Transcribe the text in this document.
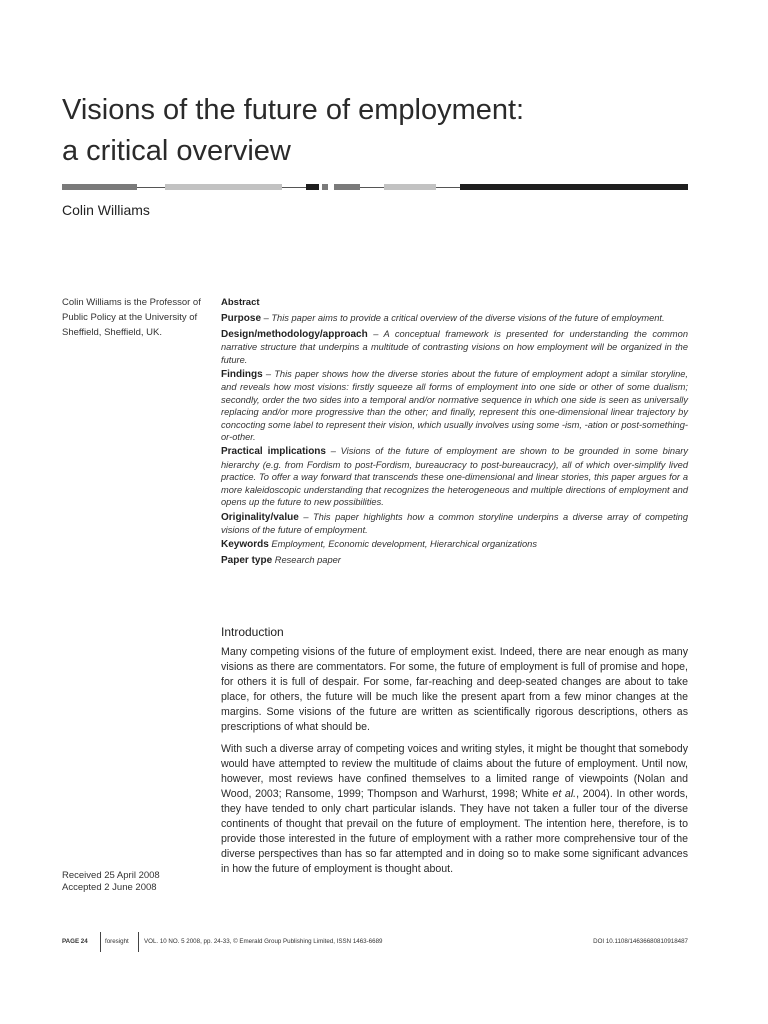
Visions of the future of employment:
a critical overview
Colin Williams
Colin Williams is the Professor of Public Policy at the University of Sheffield, Sheffield, UK.
Received 25 April 2008
Accepted 2 June 2008
Abstract

Purpose – This paper aims to provide a critical overview of the diverse visions of the future of employment.

Design/methodology/approach – A conceptual framework is presented for understanding the common narrative structure that underpins a multitude of contrasting visions on how employment will be organized in the future.

Findings – This paper shows how the diverse stories about the future of employment adopt a similar storyline, and reveals how most visions: firstly squeeze all forms of employment into one side or other of some dualism; secondly, order the two sides into a temporal and/or normative sequence in which one side is seen as universally replacing and/or more progressive than the other; and finally, represent this one-dimensional linear trajectory by concocting some label to represent their vision, which usually involves using some -ism, -ation or post-something-or-other.

Practical implications – Visions of the future of employment are shown to be grounded in some binary hierarchy (e.g. from Fordism to post-Fordism, bureaucracy to post-bureaucracy), all of which over-simplify lived practice. To offer a way forward that transcends these one-dimensional and linear stories, this paper argues for a more kaleidoscopic understanding that recognizes the heterogeneous and multiple directions of employment and opens up the future to new possibilities.

Originality/value – This paper highlights how a common storyline underpins a diverse array of competing visions of the future of employment.

Keywords Employment, Economic development, Hierarchical organizations

Paper type Research paper

Introduction

Many competing visions of the future of employment exist. Indeed, there are near enough as many visions as there are commentators. For some, the future of employment is full of promise and hope, for others it is full of despair. For some, far-reaching and deep-seated changes are about to take place, for others, the future will be much like the present apart from a few minor changes at the margins. Some visions of the future are written as scientifically rigorous descriptions, others as prescriptions of what should be.

With such a diverse array of competing voices and writing styles, it might be thought that somebody would have attempted to review the multitude of claims about the future of employment. Until now, however, most reviews have confined themselves to a limited range of viewpoints (Nolan and Wood, 2003; Ransome, 1999; Thompson and Warhurst, 1998; White et al., 2004). In other words, they have tended to only chart particular islands. They have not taken a fuller tour of the diverse continents of thought that prevail on the future of employment. The intention here, therefore, is to provide those interested in the future of employment with a rather more comprehensive tour of the diverse perspectives than has so far attempted and in doing so to make some significant advances in how the future of employment is thought about.

PAGE 24	foresight VOL. 10 NO. 5 2008, pp. 24-33, © Emerald Group Publishing Limited, ISSN 1463-6689	DOI 10.1108/14636680810918487
